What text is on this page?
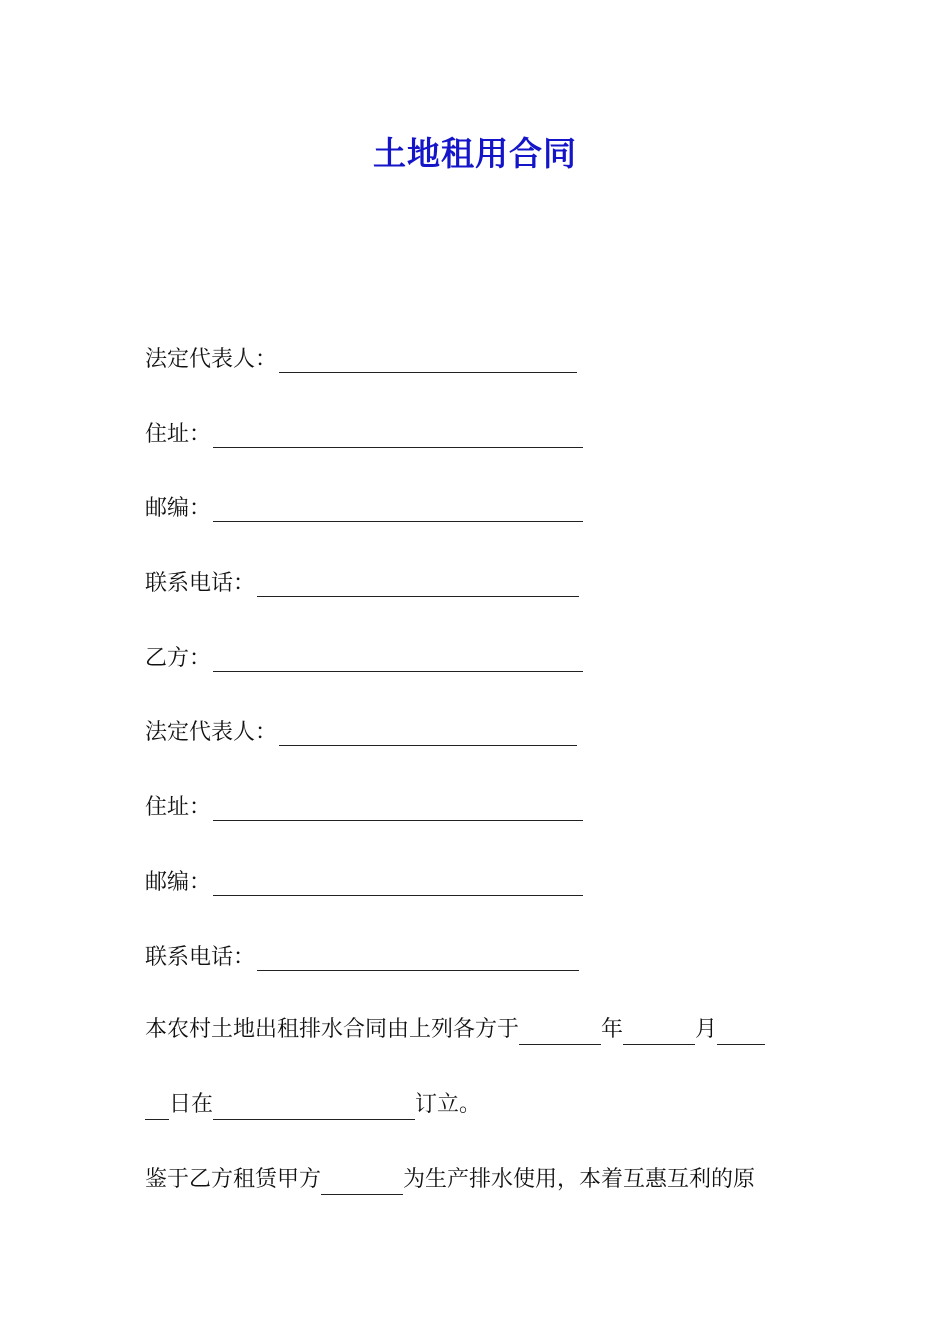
土地租用合同
法定代表人：
住址：
邮编：
联系电话：
乙方：
法定代表人：
住址：
邮编：
联系电话：
本农村土地出租排水合同由上列各方于	年	月
日在	订立。
鉴于乙方租赁甲方	为生产排水使用，本着互惠互利的原
